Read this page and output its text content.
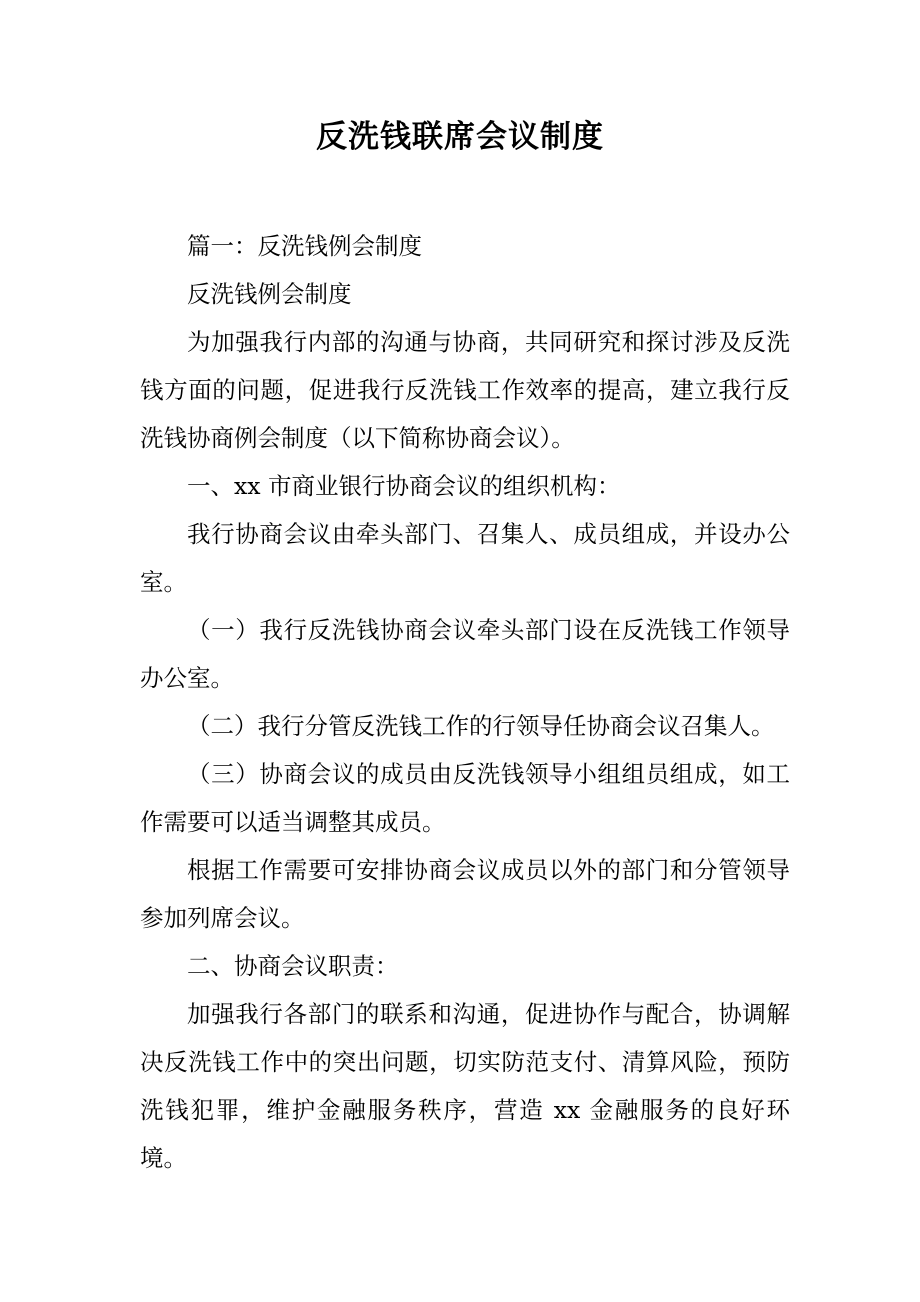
反洗钱联席会议制度

篇一：反洗钱例会制度

反洗钱例会制度

为加强我行内部的沟通与协商，共同研究和探讨涉及反洗钱方面的问题，促进我行反洗钱工作效率的提高，建立我行反洗钱协商例会制度（以下简称协商会议）。

一、xx 市商业银行协商会议的组织机构：

我行协商会议由牵头部门、召集人、成员组成，并设办公室。

（一）我行反洗钱协商会议牵头部门设在反洗钱工作领导办公室。

（二）我行分管反洗钱工作的行领导任协商会议召集人。

（三）协商会议的成员由反洗钱领导小组组员组成，如工作需要可以适当调整其成员。

根据工作需要可安排协商会议成员以外的部门和分管领导参加列席会议。

二、协商会议职责：

加强我行各部门的联系和沟通，促进协作与配合，协调解决反洗钱工作中的突出问题，切实防范支付、清算风险，预防洗钱犯罪，维护金融服务秩序，营造 xx 金融服务的良好环境。
